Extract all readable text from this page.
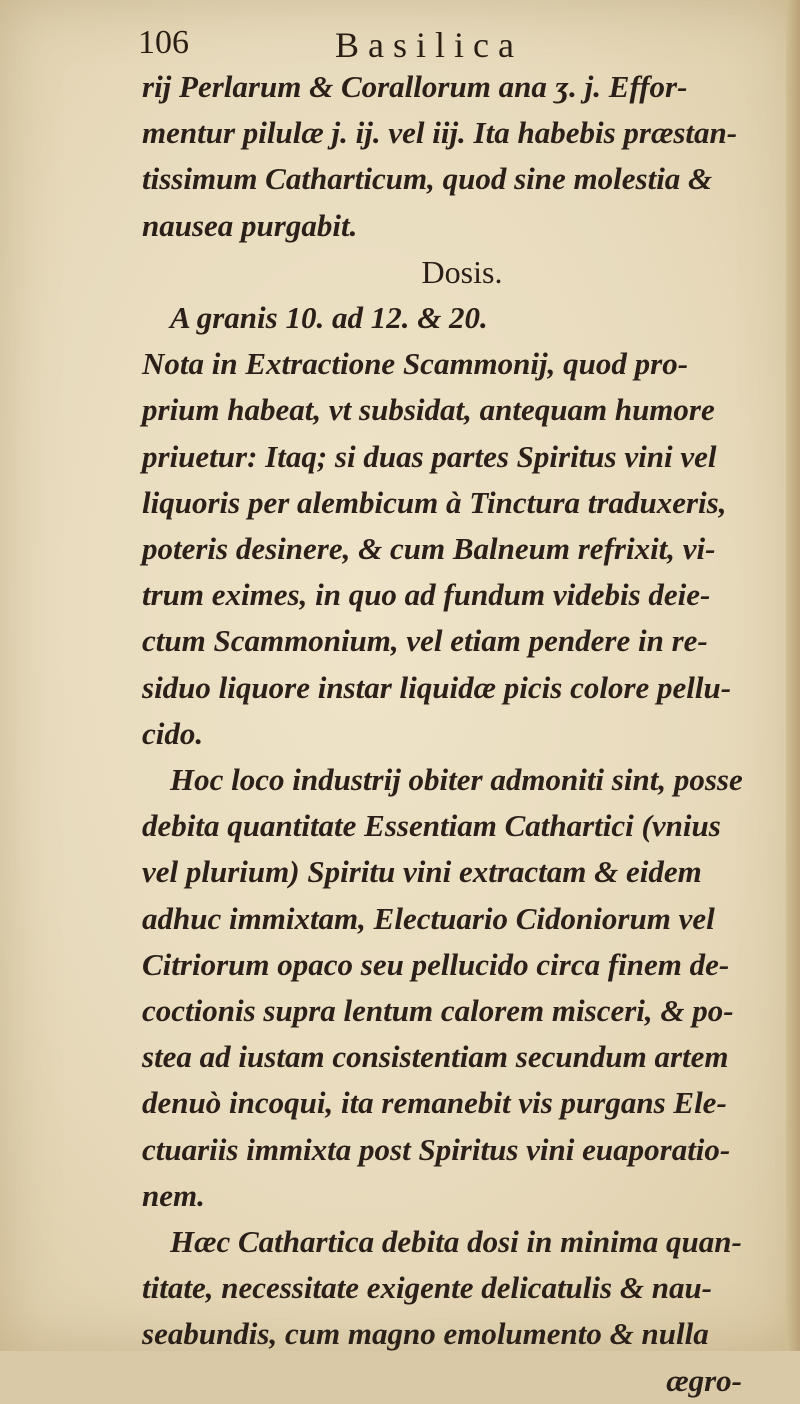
106	Basilica
rij Perlarum & Corallorum ana ʒ. j. Effor-
mentur pilulæ j. ij. vel iij. Ita habebis præstan-
tissimum Catharticum, quod sine molestia &
nausea purgabit.
Dosis.
A granis 10. ad 12. & 20.
Nota in Extractione Scammonij, quod pro-
prium habeat, vt subsidat, antequam humore
priuetur: Itaq; si duas partes Spiritus vini vel
liquoris per alembicum à Tinctura traduxeris,
poteris desinere, & cum Balneum refrixit, vi-
trum eximes, in quo ad fundum videbis deie-
ctum Scammonium, vel etiam pendere in re-
siduo liquore instar liquidæ picis colore pellu-
cido.
Hoc loco industrij obiter admoniti sint, posse
debita quantitate Essentiam Cathartici (vnius
vel plurium) Spiritu vini extractam & eidem
adhuc immixtam, Electuario Cidoniorum vel
Citriorum opaco seu pellucido circa finem de-
coctionis supra lentum calorem misceri, & po-
stea ad iustam consistentiam secundum artem
denuò incoqui, ita remanebit vis purgans Ele-
ctuariis immixta post Spiritus vini euaporatio-
nem.
Hæc Cathartica debita dosi in minima quan-
titate, necessitate exigente delicatulis & nau-
seabundis, cum magno emolumento & nulla
ægro-
